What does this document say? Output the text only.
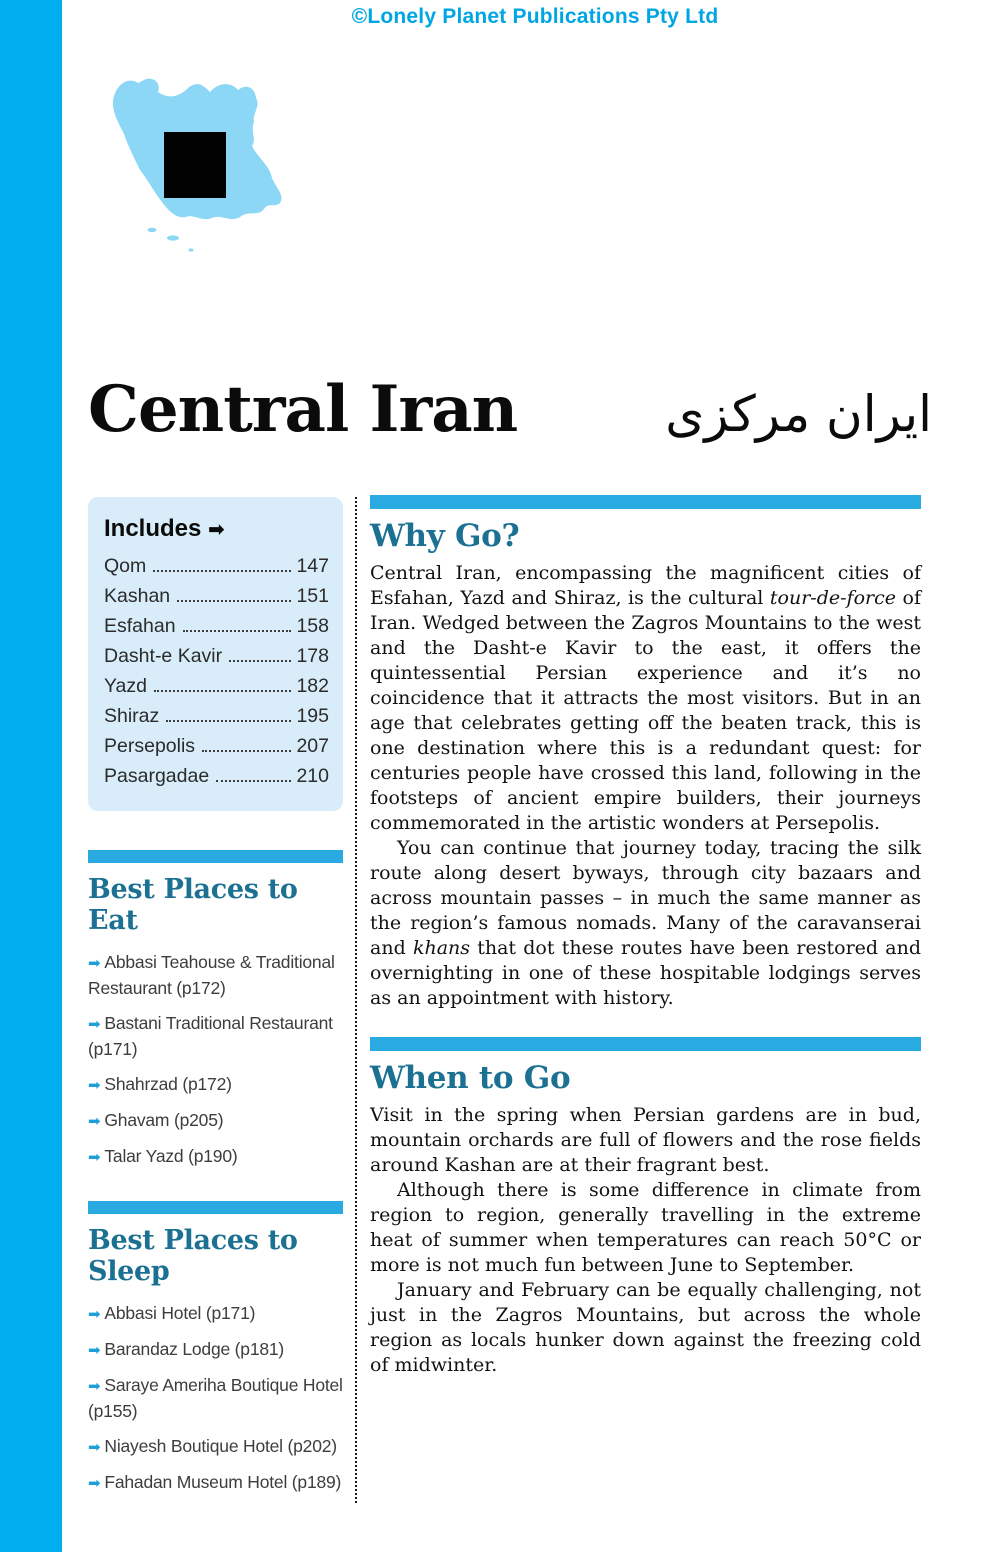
©Lonely Planet Publications Pty Ltd
Central Iran	ایران مرکزی
Includes ➡
Qom	147
Kashan	151
Esfahan	158
Dasht-e Kavir	178
Yazd	182
Shiraz	195
Persepolis	207
Pasargadae	210
Best Places to Eat
➡ Abbasi Teahouse & Traditional Restaurant (p172)
➡ Bastani Traditional Restaurant (p171)
➡ Shahrzad (p172)
➡ Ghavam (p205)
➡ Talar Yazd (p190)
Best Places to Sleep
➡ Abbasi Hotel (p171)
➡ Barandaz Lodge (p181)
➡ Saraye Ameriha Boutique Hotel (p155)
➡ Niayesh Boutique Hotel (p202)
➡ Fahadan Museum Hotel (p189)
Why Go?

Central Iran, encompassing the magnificent cities of Esfahan, Yazd and Shiraz, is the cultural tour-de-force of Iran. Wedged between the Zagros Mountains to the west and the Dasht-e Kavir to the east, it offers the quintessential Persian experience and it’s no coincidence that it attracts the most visitors. But in an age that celebrates getting off the beaten track, this is one destination where this is a redundant quest: for centuries people have crossed this land, following in the footsteps of ancient empire builders, their journeys commemorated in the artistic wonders at Persepolis.

You can continue that journey today, tracing the silk route along desert byways, through city bazaars and across mountain passes – in much the same manner as the region’s famous nomads. Many of the caravanserai and khans that dot these routes have been restored and overnighting in one of these hospitable lodgings serves as an appointment with history.

When to Go

Visit in the spring when Persian gardens are in bud, mountain orchards are full of flowers and the rose fields around Kashan are at their fragrant best.

Although there is some difference in climate from region to region, generally travelling in the extreme heat of summer when temperatures can reach 50°C or more is not much fun between June to September.

January and February can be equally challenging, not just in the Zagros Mountains, but across the whole region as locals hunker down against the freezing cold of midwinter.
